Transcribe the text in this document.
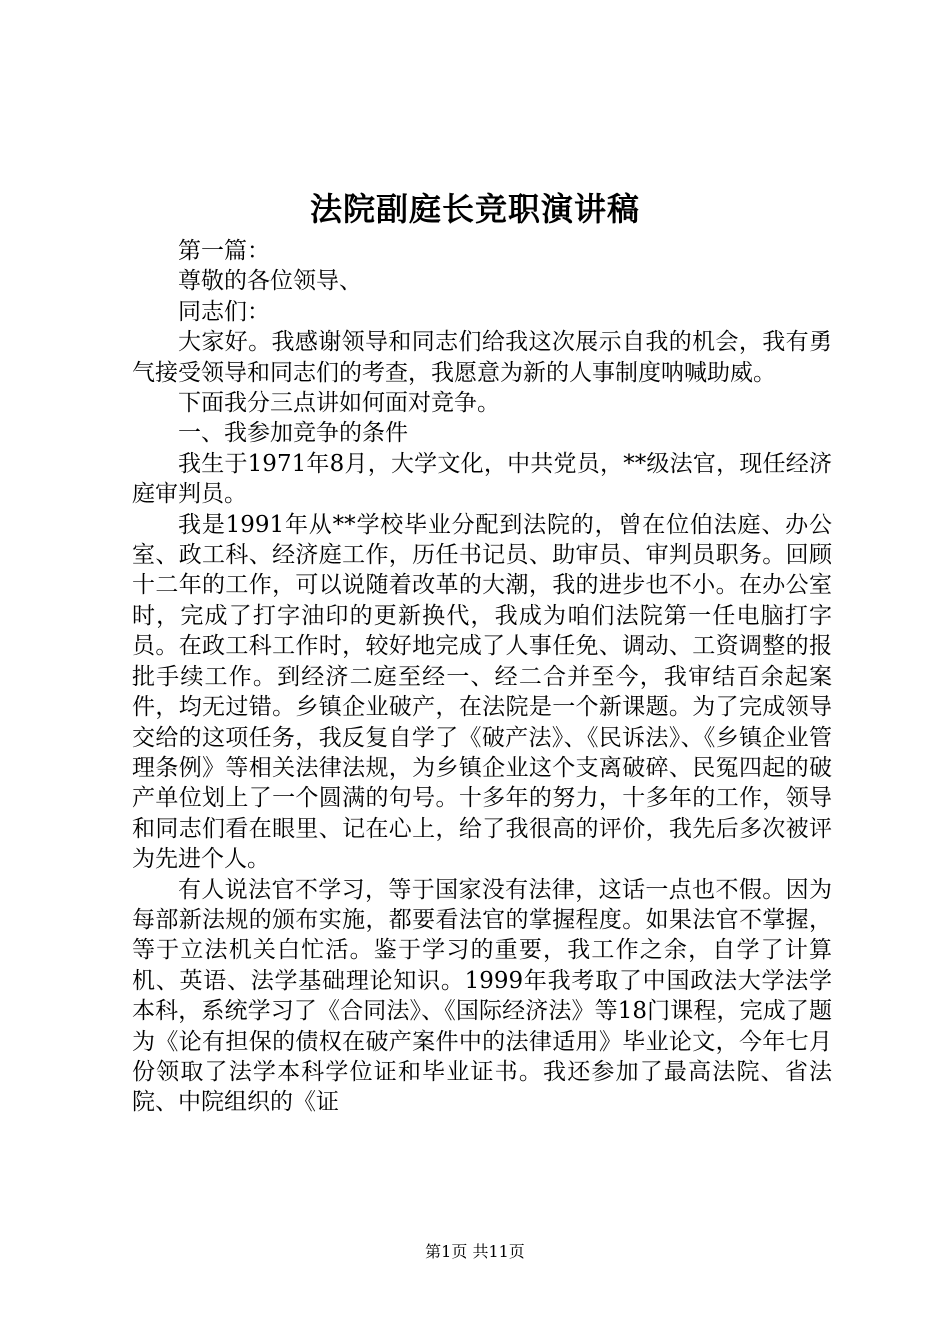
法院副庭长竞职演讲稿

第一篇：

尊敬的各位领导、

同志们：

大家好。我感谢领导和同志们给我这次展示自我的机会，我有勇气接受领导和同志们的考查，我愿意为新的人事制度呐喊助威。

下面我分三点讲如何面对竞争。

一、我参加竞争的条件

我生于1971年8月，大学文化，中共党员，**级法官，现任经济庭审判员。

我是1991年从**学校毕业分配到法院的，曾在位伯法庭、办公室、政工科、经济庭工作，历任书记员、助审员、审判员职务。回顾十二年的工作，可以说随着改革的大潮，我的进步也不小。在办公室时，完成了打字油印的更新换代，我成为咱们法院第一任电脑打字员。在政工科工作时，较好地完成了人事任免、调动、工资调整的报批手续工作。到经济二庭至经一、经二合并至今，我审结百余起案件，均无过错。乡镇企业破产，在法院是一个新课题。为了完成领导交给的这项任务，我反复自学了《破产法》、《民诉法》、《乡镇企业管理条例》等相关法律法规，为乡镇企业这个支离破碎、民冤四起的破产单位划上了一个圆满的句号。十多年的努力，十多年的工作，领导和同志们看在眼里、记在心上，给了我很高的评价，我先后多次被评为先进个人。

有人说法官不学习，等于国家没有法律，这话一点也不假。因为每部新法规的颁布实施，都要看法官的掌握程度。如果法官不掌握，等于立法机关白忙活。鉴于学习的重要，我工作之余，自学了计算机、英语、法学基础理论知识。1999年我考取了中国政法大学法学本科，系统学习了《合同法》、《国际经济法》等18门课程，完成了题为《论有担保的债权在破产案件中的法律适用》毕业论文，今年七月份领取了法学本科学位证和毕业证书。我还参加了最高法院、省法院、中院组织的《证

第1页 共11页
